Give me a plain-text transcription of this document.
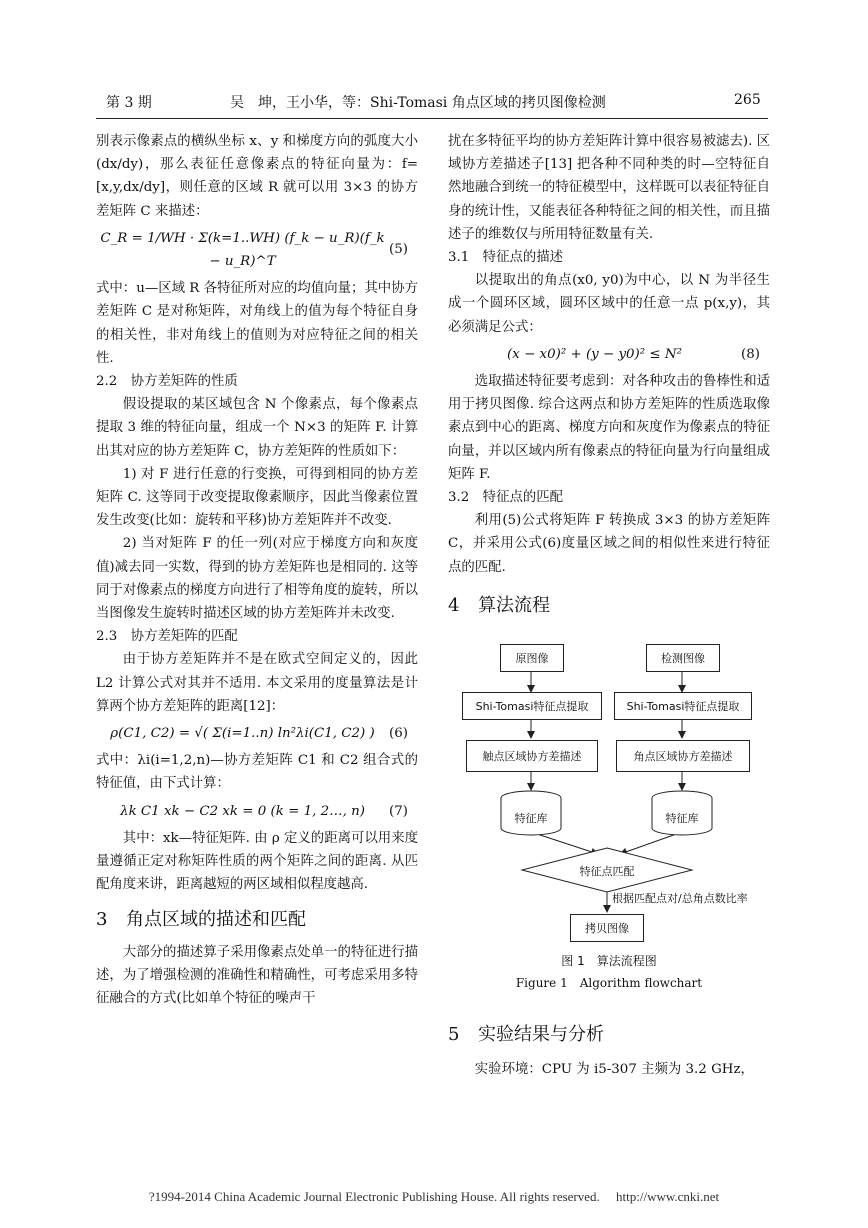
第 3 期	吴　坤，王小华，等：Shi-Tomasi 角点区域的拷贝图像检测	265

别表示像素点的横纵坐标 x、y 和梯度方向的弧度大小(dx/dy)，那么表征任意像素点的特征向量为：f=[x,y,dx/dy]，则任意的区域 R 就可以用 3×3 的协方差矩阵 C 来描述：

C_R = 1/WH · Σ(k=1..WH) (f_k − u_R)(f_k − u_R)^T
(5)

式中：u—区域 R 各特征所对应的均值向量；其中协方差矩阵 C 是对称矩阵，对角线上的值为每个特征自身的相关性，非对角线上的值则为对应特征之间的相关性.

2.2　协方差矩阵的性质

假设提取的某区域包含 N 个像素点，每个像素点提取 3 维的特征向量，组成一个 N×3 的矩阵 F. 计算出其对应的协方差矩阵 C，协方差矩阵的性质如下：

1) 对 F 进行任意的行变换，可得到相同的协方差矩阵 C. 这等同于改变提取像素顺序，因此当像素位置发生改变(比如：旋转和平移)协方差矩阵并不改变.

2) 当对矩阵 F 的任一列(对应于梯度方向和灰度值)减去同一实数，得到的协方差矩阵也是相同的. 这等同于对像素点的梯度方向进行了相等角度的旋转，所以当图像发生旋转时描述区域的协方差矩阵并未改变.

2.3　协方差矩阵的匹配

由于协方差矩阵并不是在欧式空间定义的，因此 L2 计算公式对其并不适用. 本文采用的度量算法是计算两个协方差矩阵的距离[12]：

ρ(C1, C2) = √( Σ(i=1..n) ln²λi(C1, C2) )	(6)

式中：λi(i=1,2,n)—协方差矩阵 C1 和 C2 组合式的特征值，由下式计算：

λk C1 xk − C2 xk = 0 (k = 1, 2…, n)	(7)

其中：xk—特征矩阵. 由 ρ 定义的距离可以用来度量遵循正定对称矩阵性质的两个矩阵之间的距离. 从匹配角度来讲，距离越短的两区域相似程度越高.

3 角点区域的描述和匹配

大部分的描述算子采用像素点处单一的特征进行描述，为了增强检测的准确性和精确性，可考虑采用多特征融合的方式(比如单个特征的噪声干

扰在多特征平均的协方差矩阵计算中很容易被滤去). 区域协方差描述子[13] 把各种不同种类的时—空特征自然地融合到统一的特征模型中，这样既可以表征特征自身的统计性，又能表征各种特征之间的相关性，而且描述子的维数仅与所用特征数量有关.

3.1　特征点的描述

以提取出的角点(x0, y0)为中心，以 N 为半径生成一个圆环区域，圆环区域中的任意一点 p(x,y)，其必须满足公式：

(x − x0)² + (y − y0)² ≤ N²	(8)

选取描述特征要考虑到：对各种攻击的鲁棒性和适用于拷贝图像. 综合这两点和协方差矩阵的性质选取像素点到中心的距离、梯度方向和灰度作为像素点的特征向量，并以区域内所有像素点的特征向量为行向量组成矩阵 F.

3.2　特征点的匹配

利用(5)公式将矩阵 F 转换成 3×3 的协方差矩阵 C，并采用公式(6)度量区域之间的相似性来进行特征点的匹配.

4 算法流程
原图像	检测图像
Shi-Tomasi特征点提取	Shi-Tomasi特征点提取
触点区域协方差描述	角点区域协方差描述
特征库	特征库
特征点匹配
根据匹配点对/总角点数比率
拷贝图像
图 1　算法流程图
Figure 1　Algorithm flowchart
5 实验结果与分析

实验环境：CPU 为 i5-307 主频为 3.2 GHz，

?1994-2014 China Academic Journal Electronic Publishing House. All rights reserved.　 http://www.cnki.net
